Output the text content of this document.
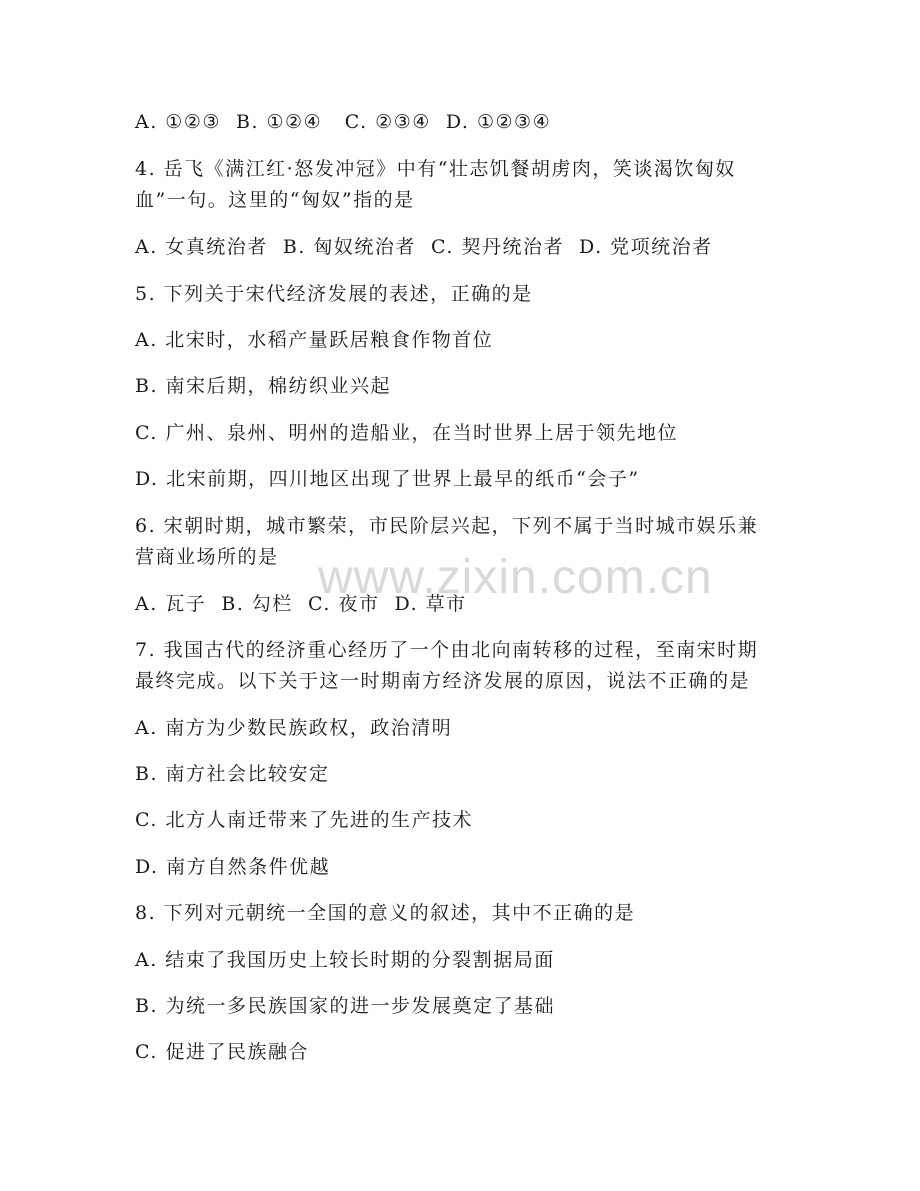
A. ①②③  B. ①②④   C. ②③④  D. ①②③④

4. 岳飞《满江红·怒发冲冠》中有“壮志饥餐胡虏肉，笑谈渴饮匈奴

血”一句。这里的“匈奴”指的是

A. 女真统治者  B. 匈奴统治者  C. 契丹统治者  D. 党项统治者

5. 下列关于宋代经济发展的表述，正确的是

A. 北宋时，水稻产量跃居粮食作物首位

B. 南宋后期，棉纺织业兴起

C. 广州、泉州、明州的造船业，在当时世界上居于领先地位

D. 北宋前期，四川地区出现了世界上最早的纸币“会子”

6. 宋朝时期，城市繁荣，市民阶层兴起，下列不属于当时城市娱乐兼

营商业场所的是

A. 瓦子  B. 勾栏  C. 夜市  D. 草市

7. 我国古代的经济重心经历了一个由北向南转移的过程，至南宋时期

最终完成。以下关于这一时期南方经济发展的原因，说法不正确的是

A. 南方为少数民族政权，政治清明

B. 南方社会比较安定

C. 北方人南迁带来了先进的生产技术

D. 南方自然条件优越

8. 下列对元朝统一全国的意义的叙述，其中不正确的是

A. 结束了我国历史上较长时期的分裂割据局面

B. 为统一多民族国家的进一步发展奠定了基础

C. 促进了民族融合

www.zixin.com.cn
